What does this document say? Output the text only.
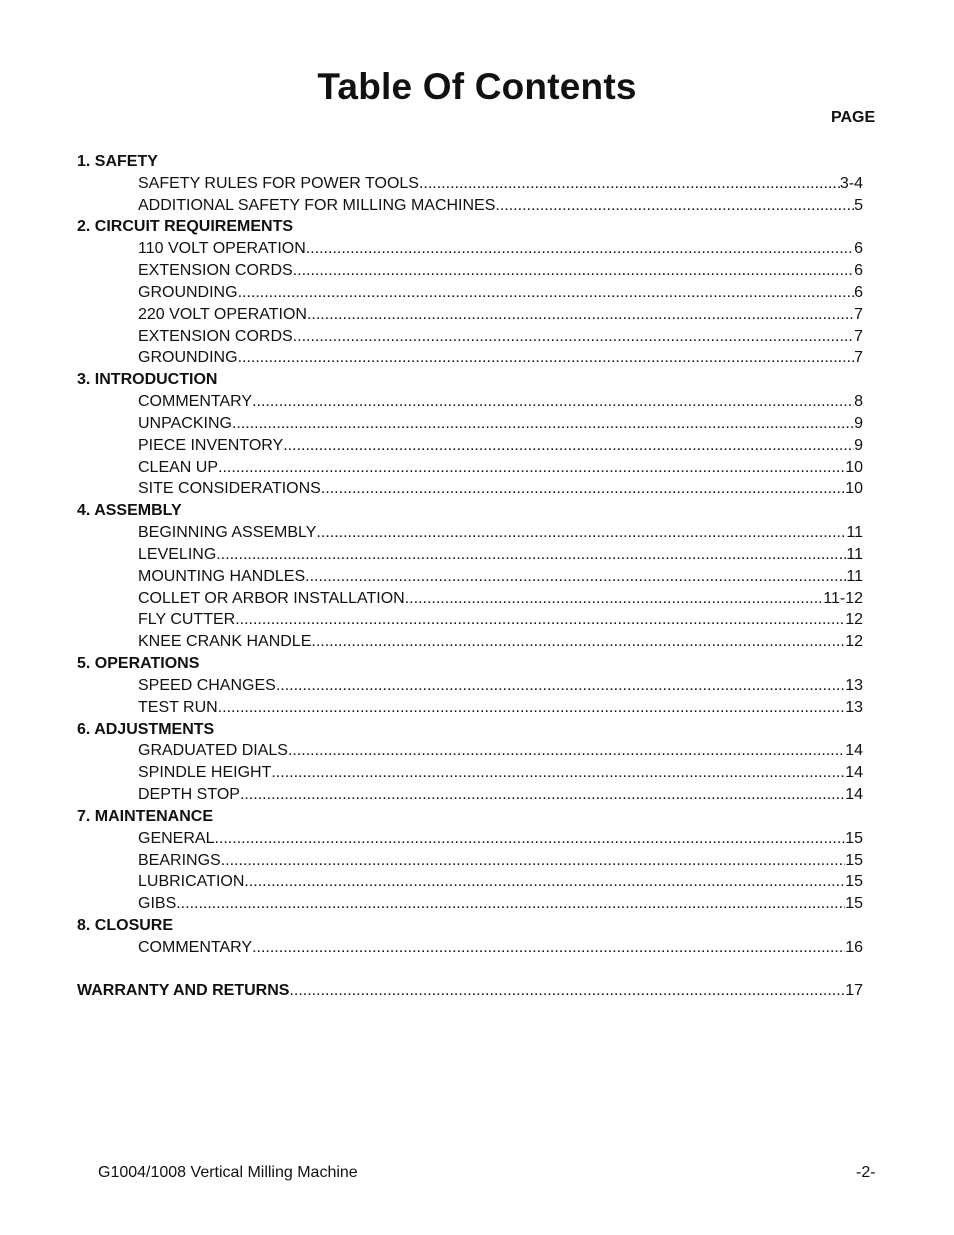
Table Of Contents
PAGE
1. SAFETY
SAFETY RULES FOR POWER TOOLS .....	3-4
ADDITIONAL SAFETY FOR MILLING MACHINES .....	5
2. CIRCUIT REQUIREMENTS
110 VOLT OPERATION .....	6
EXTENSION CORDS .....	6
GROUNDING .....	6
220 VOLT OPERATION .....	7
EXTENSION CORDS .....	7
GROUNDING .....	7
3. INTRODUCTION
COMMENTARY .....	8
UNPACKING .....	9
PIECE INVENTORY .....	9
CLEAN UP .....	10
SITE CONSIDERATIONS .....	10
4. ASSEMBLY
BEGINNING ASSEMBLY .....	11
LEVELING .....	11
MOUNTING HANDLES .....	11
COLLET OR ARBOR INSTALLATION .....	11-12
FLY CUTTER .....	12
KNEE CRANK HANDLE .....	12
5. OPERATIONS
SPEED CHANGES .....	13
TEST RUN .....	13
6. ADJUSTMENTS
GRADUATED DIALS .....	14
SPINDLE HEIGHT .....	14
DEPTH STOP .....	14
7. MAINTENANCE
GENERAL .....	15
BEARINGS .....	15
LUBRICATION .....	15
GIBS .....	15
8. CLOSURE
COMMENTARY .....	16
WARRANTY AND RETURNS .....	17
G1004/1008 Vertical Milling Machine	-2-
